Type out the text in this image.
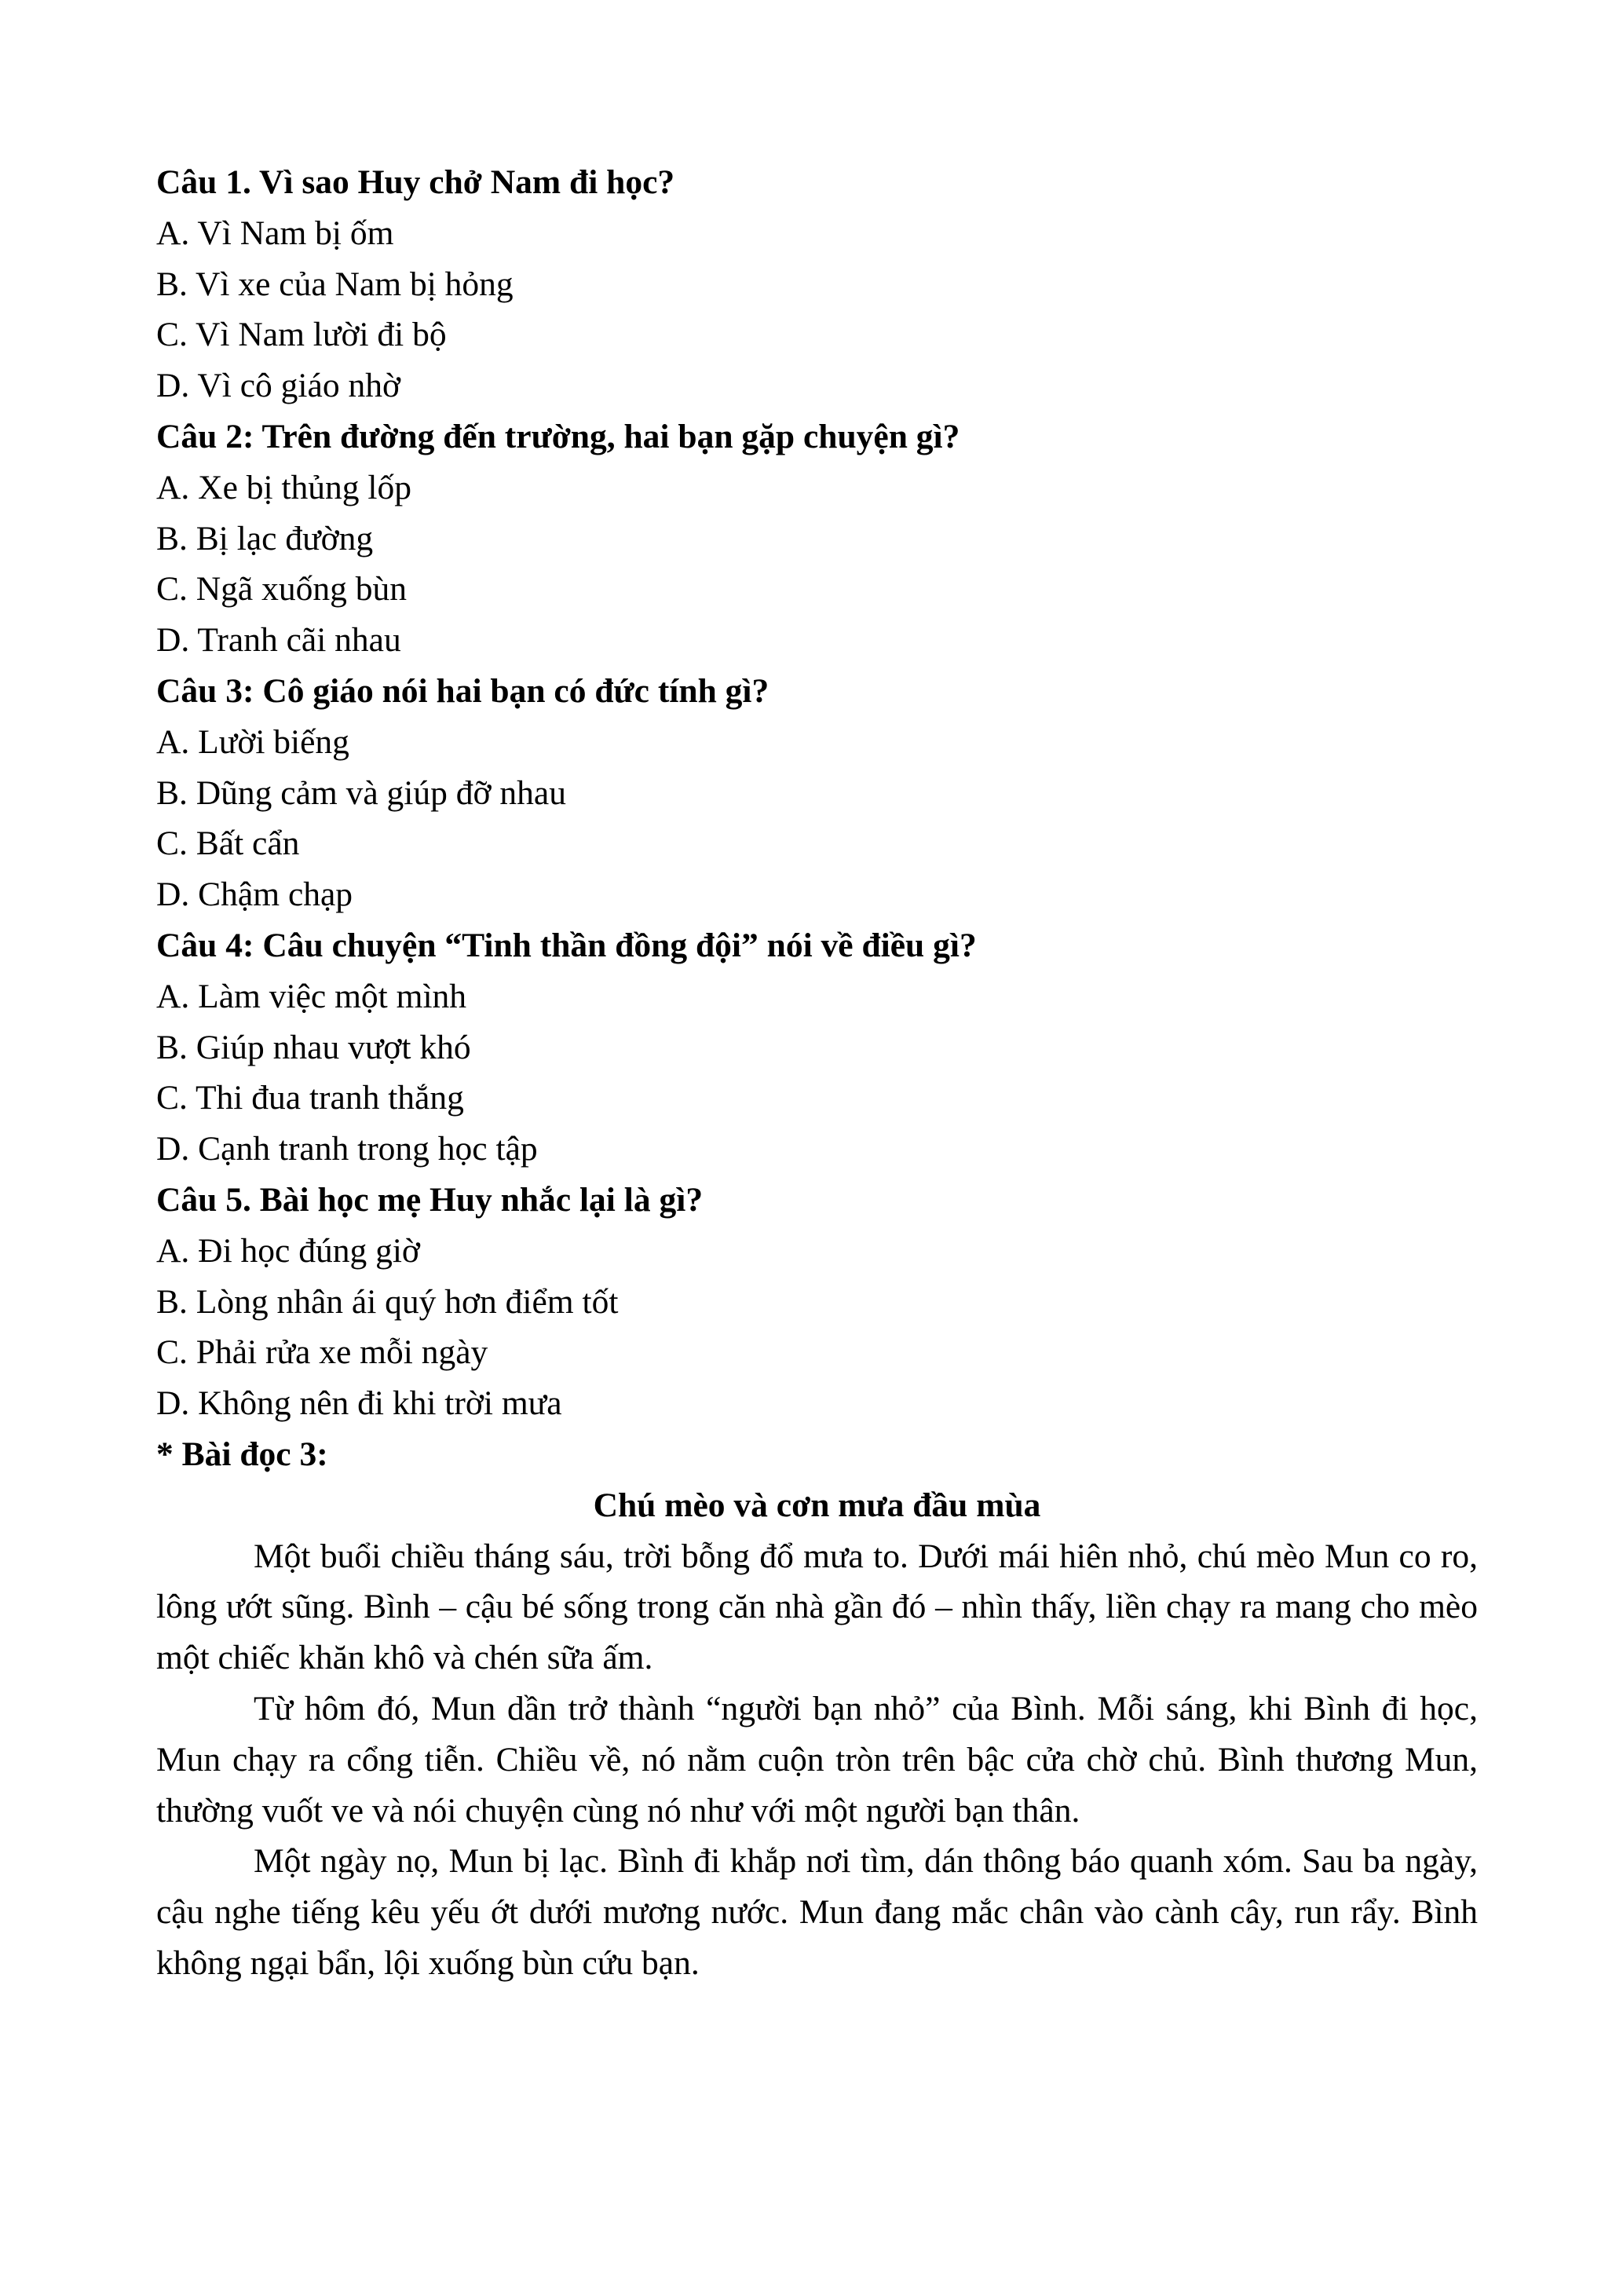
Câu 1. Vì sao Huy chở Nam đi học?
A. Vì Nam bị ốm
B. Vì xe của Nam bị hỏng
C. Vì Nam lười đi bộ
D. Vì cô giáo nhờ
Câu 2: Trên đường đến trường, hai bạn gặp chuyện gì?
A. Xe bị thủng lốp
B. Bị lạc đường
C. Ngã xuống bùn
D. Tranh cãi nhau
Câu 3: Cô giáo nói hai bạn có đức tính gì?
A. Lười biếng
B. Dũng cảm và giúp đỡ nhau
C. Bất cẩn
D. Chậm chạp
Câu 4: Câu chuyện “Tinh thần đồng đội” nói về điều gì?
A. Làm việc một mình
B. Giúp nhau vượt khó
C. Thi đua tranh thắng
D. Cạnh tranh trong học tập
Câu 5. Bài học mẹ Huy nhắc lại là gì?
A. Đi học đúng giờ
B. Lòng nhân ái quý hơn điểm tốt
C. Phải rửa xe mỗi ngày
D. Không nên đi khi trời mưa
* Bài đọc 3:
Chú mèo và cơn mưa đầu mùa
Một buổi chiều tháng sáu, trời bỗng đổ mưa to. Dưới mái hiên nhỏ, chú mèo Mun co ro, lông ướt sũng. Bình – cậu bé sống trong căn nhà gần đó – nhìn thấy, liền chạy ra mang cho mèo một chiếc khăn khô và chén sữa ấm.
Từ hôm đó, Mun dần trở thành “người bạn nhỏ” của Bình. Mỗi sáng, khi Bình đi học, Mun chạy ra cổng tiễn. Chiều về, nó nằm cuộn tròn trên bậc cửa chờ chủ. Bình thương Mun, thường vuốt ve và nói chuyện cùng nó như với một người bạn thân.
Một ngày nọ, Mun bị lạc. Bình đi khắp nơi tìm, dán thông báo quanh xóm. Sau ba ngày, cậu nghe tiếng kêu yếu ớt dưới mương nước. Mun đang mắc chân vào cành cây, run rẩy. Bình không ngại bẩn, lội xuống bùn cứu bạn.
